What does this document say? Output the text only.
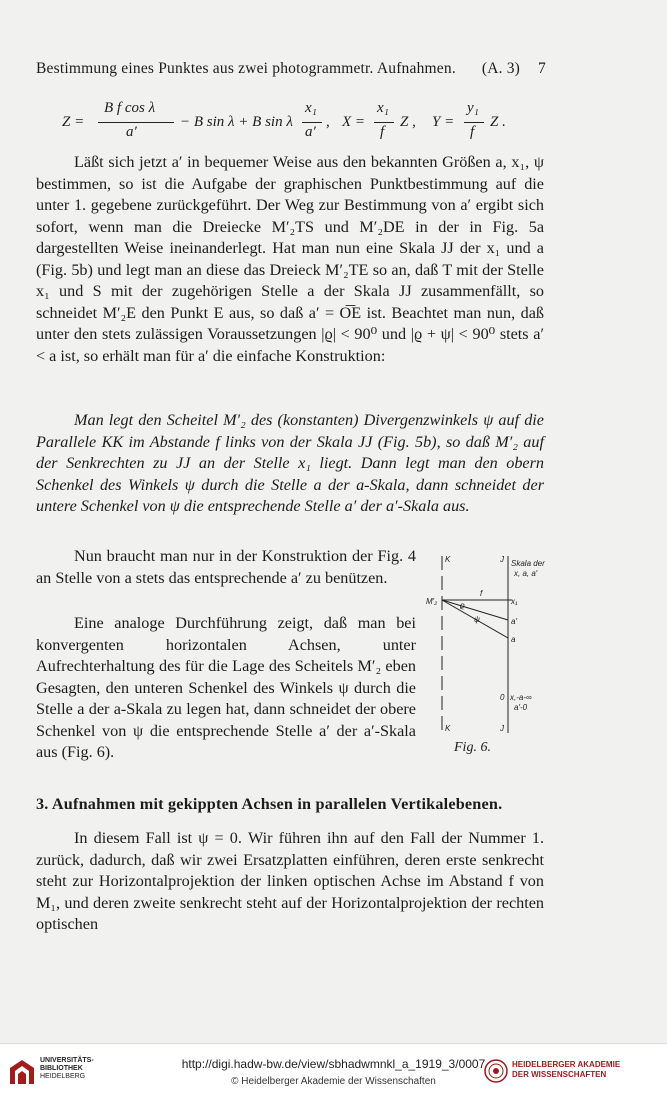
Bestimmung eines Punktes aus zwei photogrammetr. Aufnahmen. (A. 3) 7
Z =
B f cos λ
a′
− B sin λ + B sin λ
x₁
a′
, X =
x₁
f
Z , Y =
y₁
f
Z .

Läßt sich jetzt a′ in bequemer Weise aus den bekannten Größen a, x₁, ψ bestimmen, so ist die Aufgabe der graphischen Punktbestimmung auf die unter 1. gegebene zurückgeführt. Der Weg zur Bestimmung von a′ ergibt sich sofort, wenn man die Dreiecke M′₂TS und M′₂DE in der in Fig. 5a dargestellten Weise ineinanderlegt. Hat man nun eine Skala JJ der x₁ und a (Fig. 5b) und legt man an diese das Dreieck M′₂TE so an, daß T mit der Stelle x₁ und S mit der zugehörigen Stelle a der Skala JJ zusammenfällt, so schneidet M′₂E den Punkt E aus, so daß a′ = O͞E ist. Beachtet man nun, daß unter den stets zulässigen Voraussetzungen |ϱ| < 90⁰ und |ϱ + ψ| < 90⁰ stets a′ < a ist, so erhält man für a′ die einfache Konstruktion:

Man legt den Scheitel M′₂ des (konstanten) Divergenzwinkels ψ auf die Parallele KK im Abstande f links von der Skala JJ (Fig. 5b), so daß M′₂ auf der Senkrechten zu JJ an der Stelle x₁ liegt. Dann legt man den obern Schenkel des Winkels ψ durch die Stelle a der a-Skala, dann schneidet der untere Schenkel von ψ die entsprechende Stelle a′ der a′-Skala aus.

Nun braucht man nur in der Konstruktion der Fig. 4 an Stelle von a stets das entsprechende a′ zu benützen.

Eine analoge Durchführung zeigt, daß man bei konvergenten horizontalen Achsen, unter Aufrechterhaltung des für die Lage des Scheitels M′₂ eben Gesagten, den unteren Schenkel des Winkels ψ durch die Stelle a der a-Skala zu legen hat, dann schneidet der obere Schenkel von ψ die entsprechende Stelle a′ der a′-Skala aus (Fig. 6).

K	J Skala der
x, a, a′
M′₂
f
x₁
ϱ
ψ	a′
a
0 x,-a-∞
a′-0
K	J
Fig. 6.
3. Aufnahmen mit gekippten Achsen in parallelen Vertikalebenen.

In diesem Fall ist ψ = 0. Wir führen ihn auf den Fall der Nummer 1. zurück, dadurch, daß wir zwei Ersatzplatten einführen, deren erste senkrecht steht zur Horizontalprojektion der linken optischen Achse im Abstand f von M₁, und deren zweite senkrecht steht auf der Horizontalprojektion der rechten optischen

UNIVERSITÄTS-
BIBLIOTHEK
HEIDELBERG
http://digi.hadw-bw.de/view/sbhadwmnkl_a_1919_3/0007
© Heidelberger Akademie der Wissenschaften
HEIDELBERGER AKADEMIE
DER WISSENSCHAFTEN
